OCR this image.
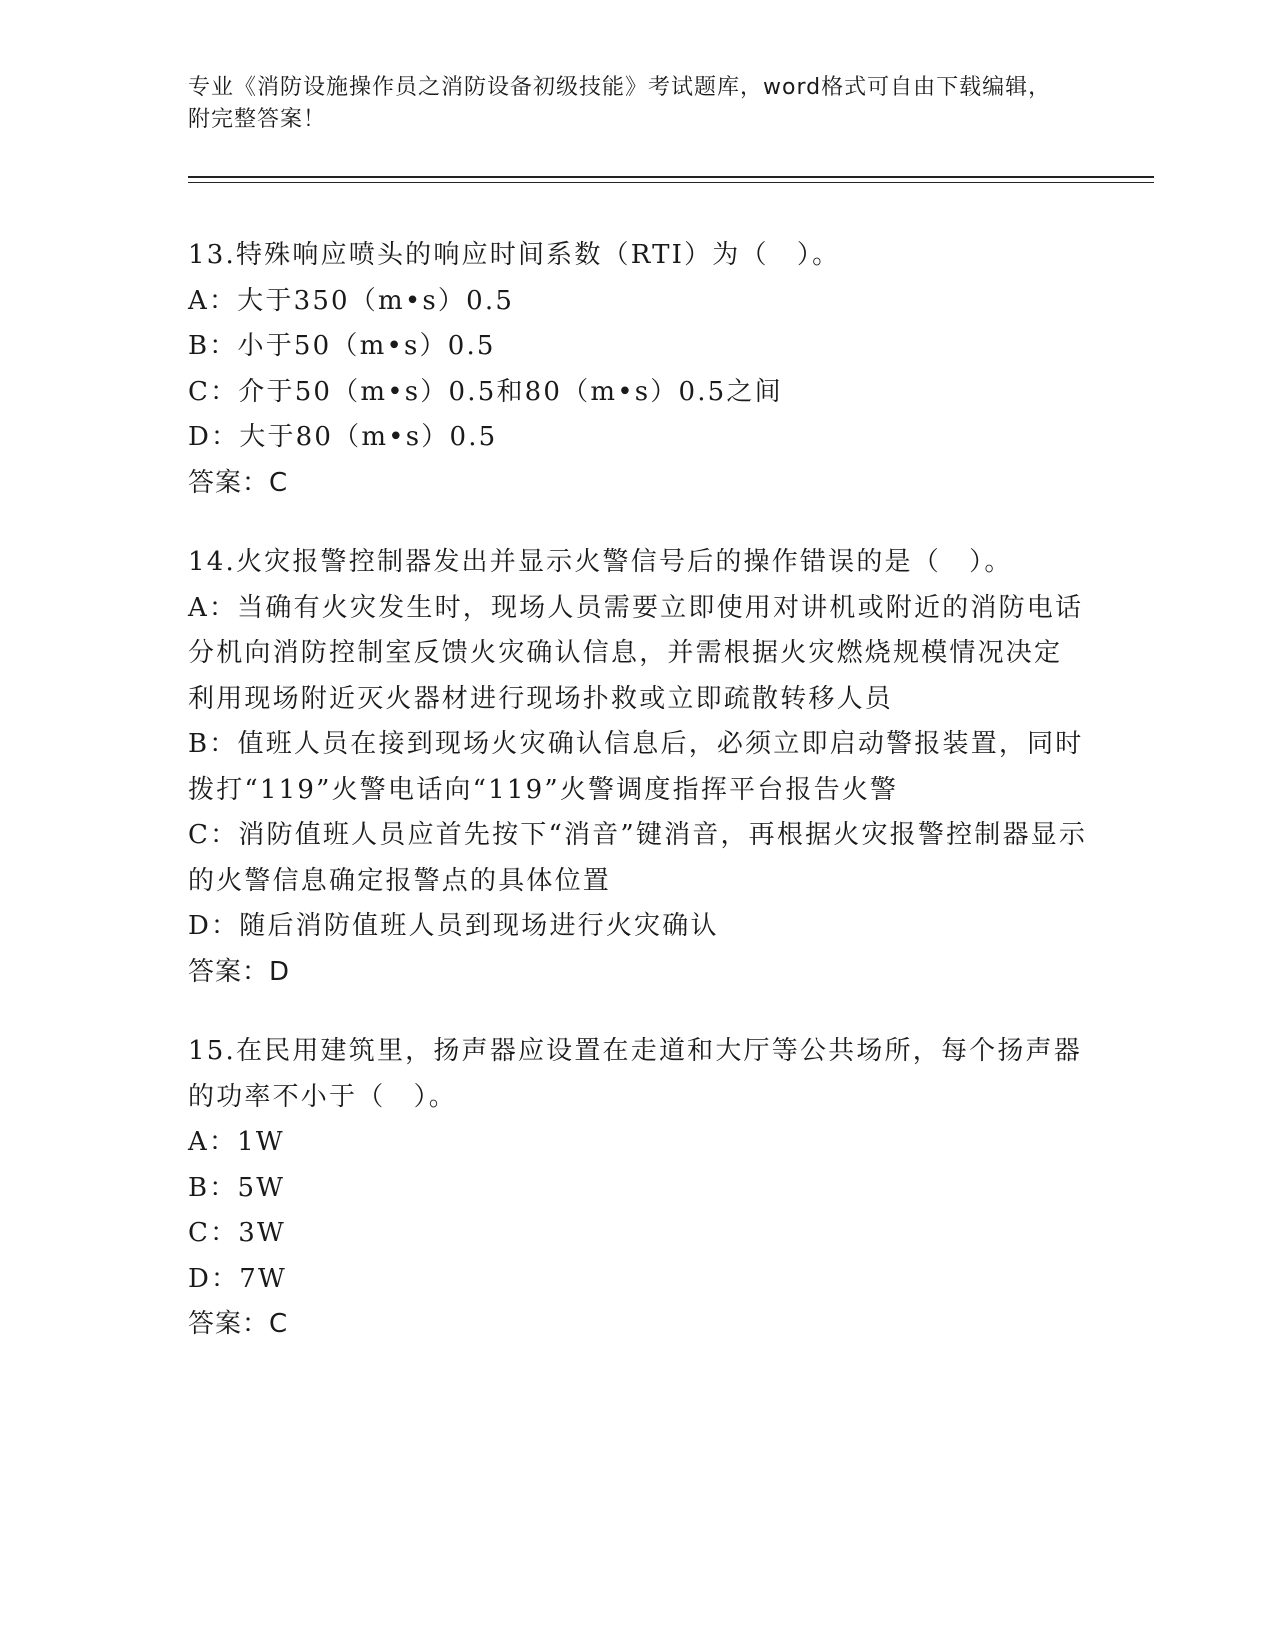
专业《消防设施操作员之消防设备初级技能》考试题库，word格式可自由下载编辑，附完整答案！
13.特殊响应喷头的响应时间系数（RTI）为（　）。
A：大于350（m•s）0.5
B：小于50（m•s）0.5
C：介于50（m•s）0.5和80（m•s）0.5之间
D：大于80（m•s）0.5
答案：C
14.火灾报警控制器发出并显示火警信号后的操作错误的是（　）。
A：当确有火灾发生时，现场人员需要立即使用对讲机或附近的消防电话分机向消防控制室反馈火灾确认信息，并需根据火灾燃烧规模情况决定利用现场附近灭火器材进行现场扑救或立即疏散转移人员
B：值班人员在接到现场火灾确认信息后，必须立即启动警报装置，同时拨打“119”火警电话向“119”火警调度指挥平台报告火警
C：消防值班人员应首先按下“消音”键消音，再根据火灾报警控制器显示的火警信息确定报警点的具体位置
D：随后消防值班人员到现场进行火灾确认
答案：D
15.在民用建筑里，扬声器应设置在走道和大厅等公共场所，每个扬声器的功率不小于（　）。
A：1W
B：5W
C：3W
D：7W
答案：C
